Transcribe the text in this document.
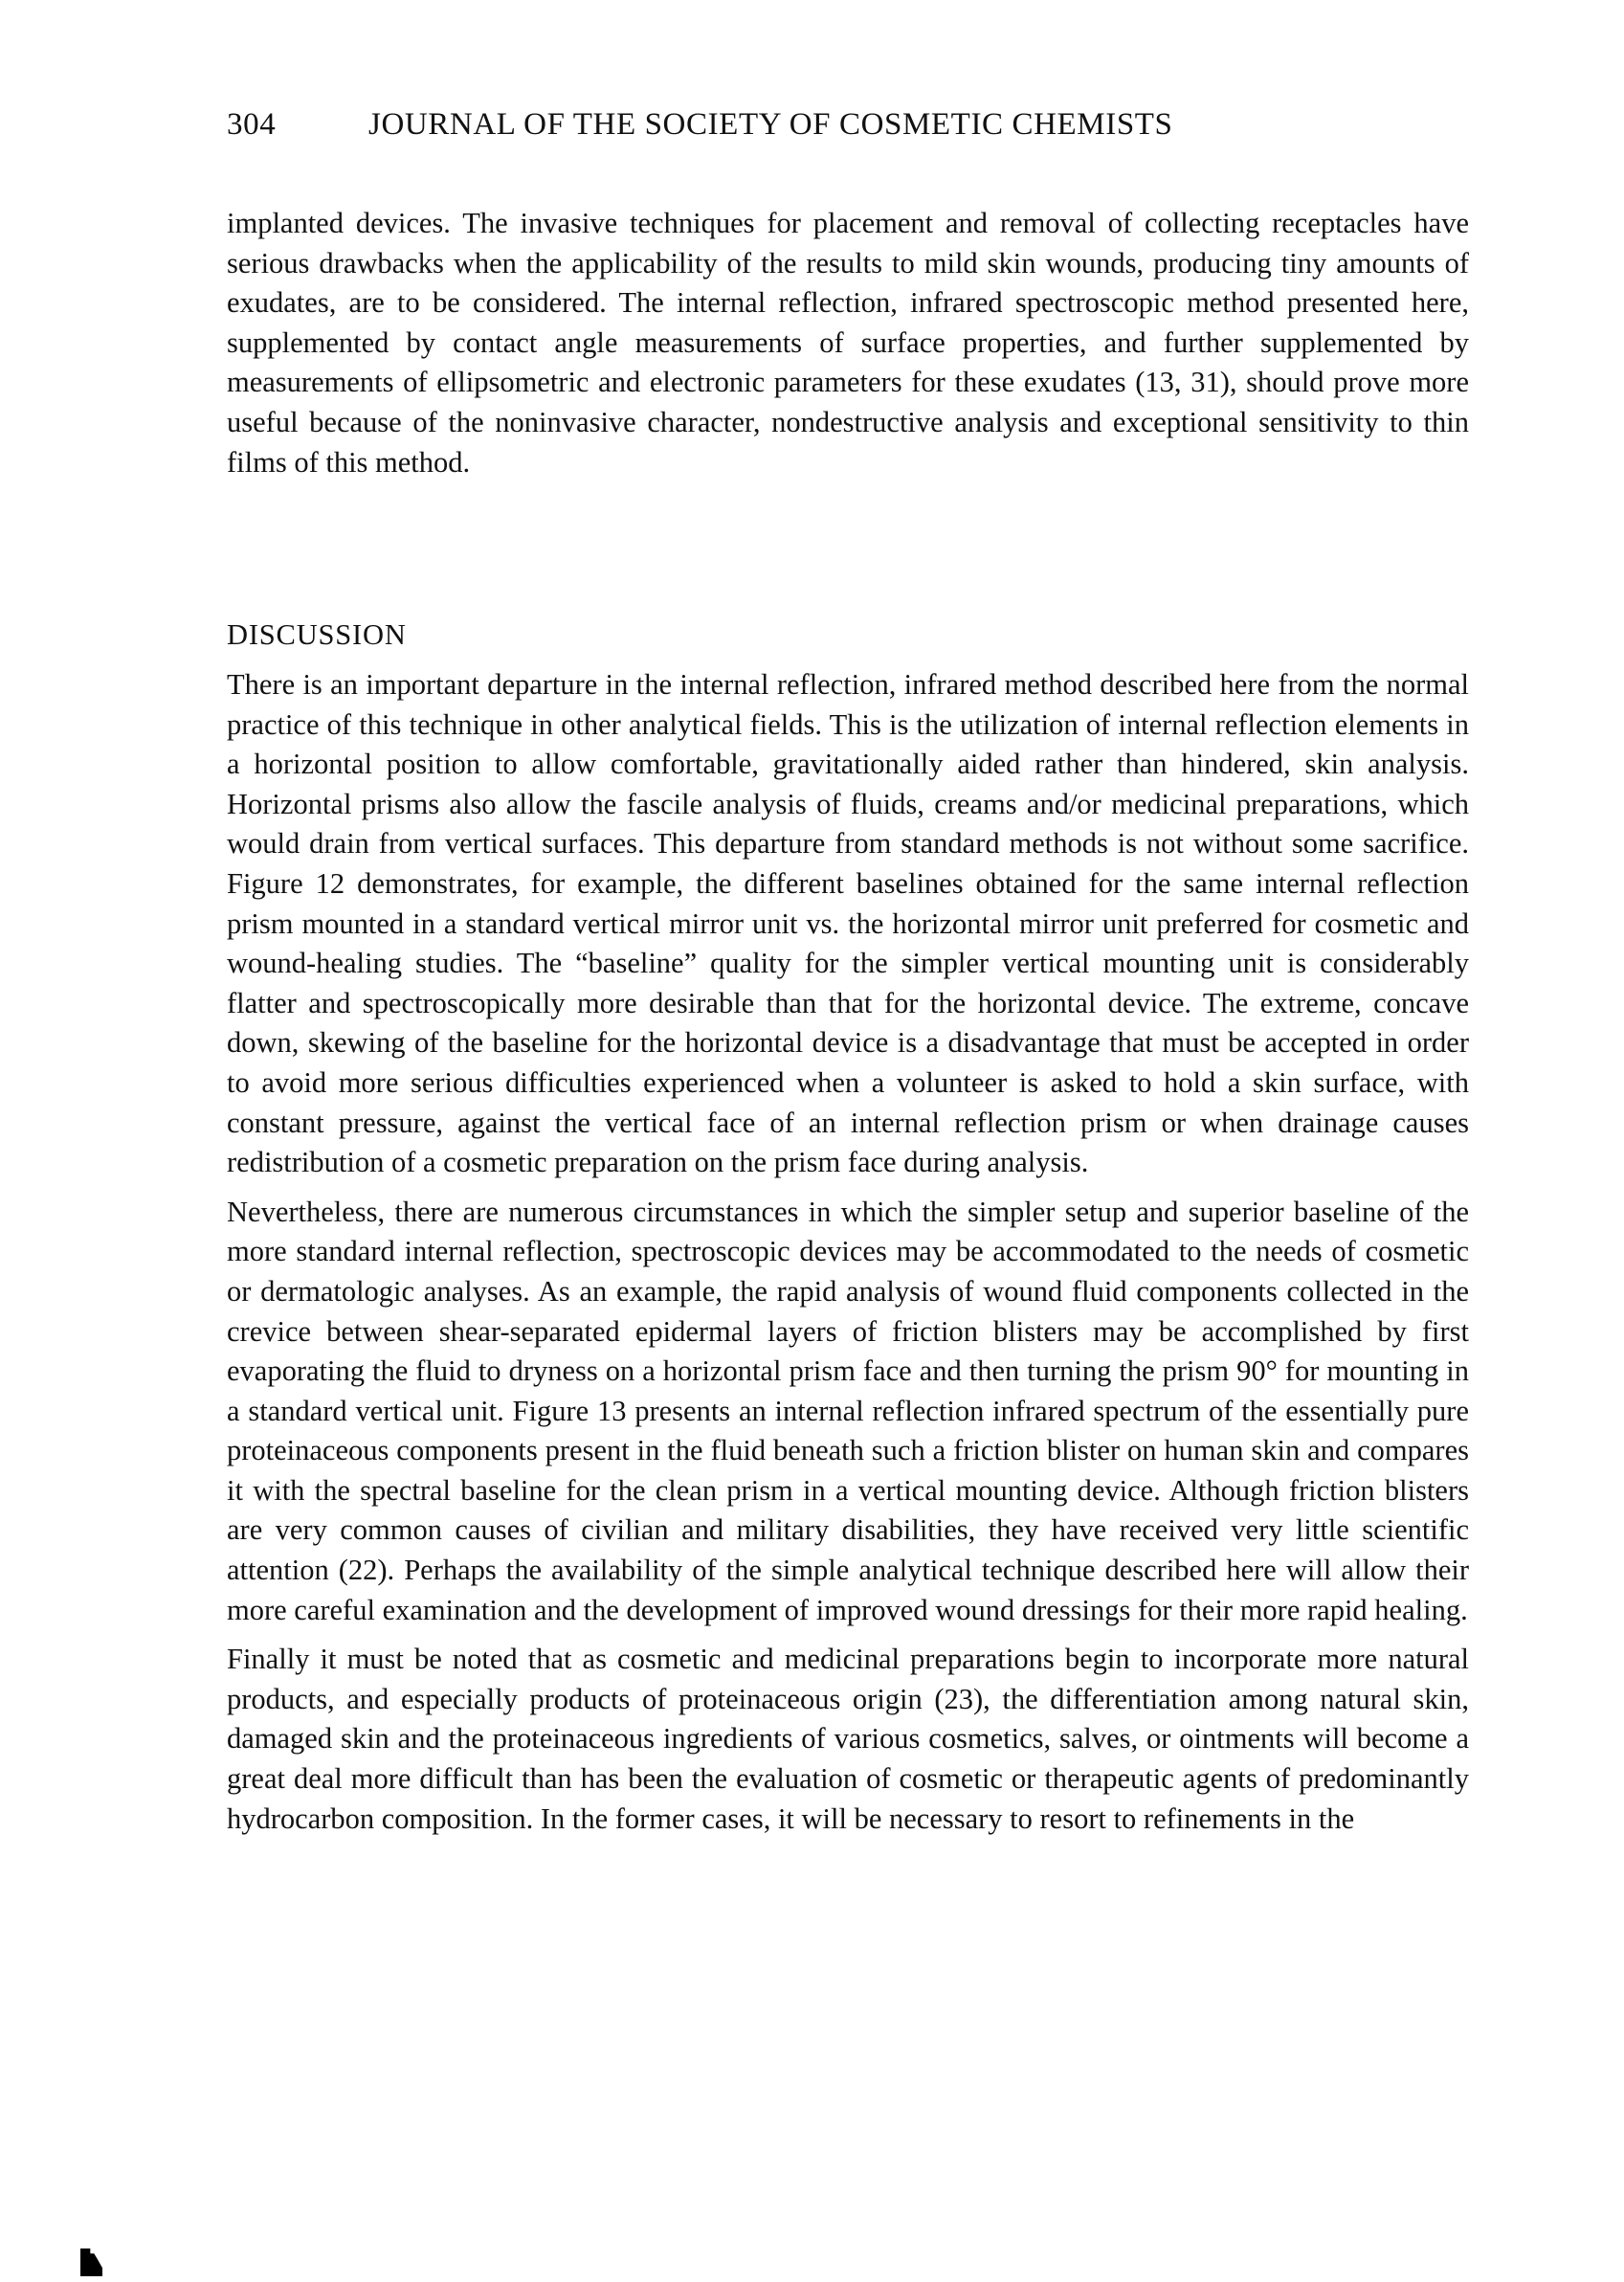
304	JOURNAL OF THE SOCIETY OF COSMETIC CHEMISTS

implanted devices. The invasive techniques for placement and removal of collecting receptacles have serious drawbacks when the applicability of the results to mild skin wounds, producing tiny amounts of exudates, are to be considered. The internal reflection, infrared spectroscopic method presented here, supplemented by contact angle measurements of surface properties, and further supplemented by measurements of ellipsometric and electronic parameters for these exudates (13, 31), should prove more useful because of the noninvasive character, nondestructive analysis and exceptional sensitivity to thin films of this method.

DISCUSSION

There is an important departure in the internal reflection, infrared method described here from the normal practice of this technique in other analytical fields. This is the utilization of internal reflection elements in a horizontal position to allow comfortable, gravitationally aided rather than hindered, skin analysis. Horizontal prisms also allow the fascile analysis of fluids, creams and/or medicinal preparations, which would drain from vertical surfaces. This departure from standard methods is not without some sacrifice. Figure 12 demonstrates, for example, the different baselines obtained for the same internal reflection prism mounted in a standard vertical mirror unit vs. the horizontal mirror unit preferred for cosmetic and wound-healing studies. The “baseline” quality for the simpler vertical mounting unit is considerably flatter and spectroscopically more desirable than that for the horizontal device. The extreme, concave down, skewing of the baseline for the horizontal device is a disadvantage that must be accepted in order to avoid more serious difficulties experienced when a volunteer is asked to hold a skin surface, with constant pressure, against the vertical face of an internal reflection prism or when drainage causes redistribution of a cosmetic preparation on the prism face during analysis.

Nevertheless, there are numerous circumstances in which the simpler setup and superior baseline of the more standard internal reflection, spectroscopic devices may be accommodated to the needs of cosmetic or dermatologic analyses. As an example, the rapid analysis of wound fluid components collected in the crevice between shear-separated epidermal layers of friction blisters may be accomplished by first evaporating the fluid to dryness on a horizontal prism face and then turning the prism 90° for mounting in a standard vertical unit. Figure 13 presents an internal reflection infrared spectrum of the essentially pure proteinaceous components present in the fluid beneath such a friction blister on human skin and compares it with the spectral baseline for the clean prism in a vertical mounting device. Although friction blisters are very common causes of civilian and military disabilities, they have received very little scientific attention (22). Perhaps the availability of the simple analytical technique described here will allow their more careful examination and the development of improved wound dressings for their more rapid healing.

Finally it must be noted that as cosmetic and medicinal preparations begin to incorporate more natural products, and especially products of proteinaceous origin (23), the differentiation among natural skin, damaged skin and the proteinaceous ingredients of various cosmetics, salves, or ointments will become a great deal more difficult than has been the evaluation of cosmetic or therapeutic agents of predominantly hydrocarbon composition. In the former cases, it will be necessary to resort to refinements in the
